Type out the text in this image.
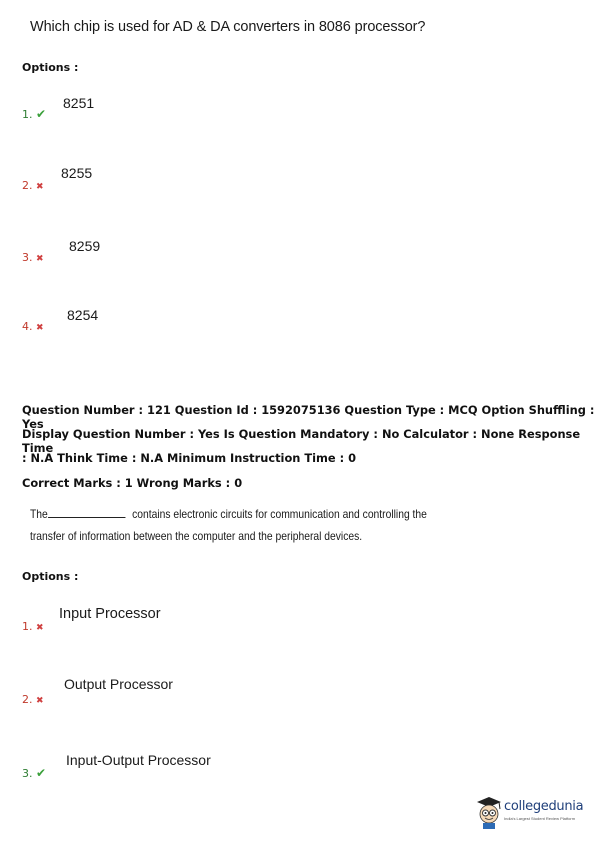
Which chip is used for AD & DA converters in 8086 processor?
Options :
1. ✔
8251
2. ✖
8255
3. ✖
8259
4. ✖
8254
Question Number : 121 Question Id : 1592075136 Question Type : MCQ Option Shuffling : Yes
Display Question Number : Yes Is Question Mandatory : No Calculator : None Response Time
: N.A Think Time : N.A Minimum Instruction Time : 0
Correct Marks : 1 Wrong Marks : 0
The	contains electronic circuits for communication and controlling the
transfer of information between the computer and the peripheral devices.
Options :
1. ✖
Input Processor
2. ✖
Output Processor
3. ✔
Input-Output Processor
collegedunia
India's Largest Student Review Platform
